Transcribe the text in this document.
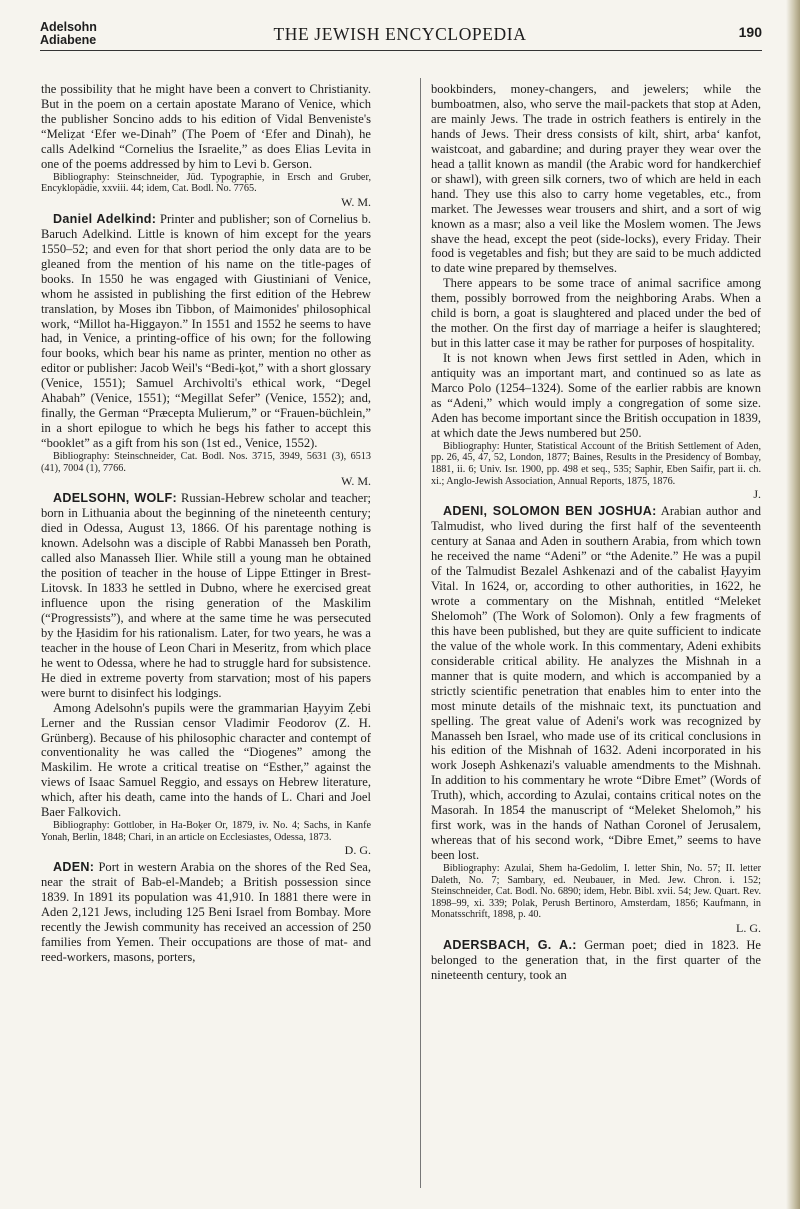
Adelsohn
Adiabene	THE JEWISH ENCYCLOPEDIA	190

the possibility that he might have been a convert to Christianity. But in the poem on a certain apostate Marano of Venice, which the publisher Soncino adds to his edition of Vidal Benveniste's “Meliẓat ‘Efer we-Dinah” (The Poem of ‘Efer and Dinah), he calls Adelkind “Cornelius the Israelite,” as does Elias Levita in one of the poems addressed by him to Levi b. Gerson.

Bibliography: Steinschneider, Jüd. Typographie, in Ersch and Gruber, Encyklopädie, xxviii. 44; idem, Cat. Bodl. No. 7765.

W. M.

Daniel Adelkind: Printer and publisher; son of Cornelius b. Baruch Adelkind. Little is known of him except for the years 1550–52; and even for that short period the only data are to be gleaned from the mention of his name on the title-pages of books. In 1550 he was engaged with Giustiniani of Venice, whom he assisted in publishing the first edition of the Hebrew translation, by Moses ibn Tibbon, of Maimonides' philosophical work, “Millot ha-Higgayon.” In 1551 and 1552 he seems to have had, in Venice, a printing-office of his own; for the following four books, which bear his name as printer, mention no other as editor or publisher: Jacob Weil's “Bedi-ḳot,” with a short glossary (Venice, 1551); Samuel Archivolti's ethical work, “Degel Ahabah” (Venice, 1551); “Megillat Sefer” (Venice, 1552); and, finally, the German “Præcepta Mulierum,” or “Frauen-büchlein,” in a short epilogue to which he begs his father to accept this “booklet” as a gift from his son (1st ed., Venice, 1552).

Bibliography: Steinschneider, Cat. Bodl. Nos. 3715, 3949, 5631 (3), 6513 (41), 7004 (1), 7766.

W. M.

ADELSOHN, WOLF: Russian-Hebrew scholar and teacher; born in Lithuania about the beginning of the nineteenth century; died in Odessa, August 13, 1866. Of his parentage nothing is known. Adelsohn was a disciple of Rabbi Manasseh ben Porath, called also Manasseh Ilier. While still a young man he obtained the position of teacher in the house of Lippe Ettinger in Brest-Litovsk. In 1833 he settled in Dubno, where he exercised great influence upon the rising generation of the Maskilim (“Progressists”), and where at the same time he was persecuted by the Ḥasidim for his rationalism. Later, for two years, he was a teacher in the house of Leon Chari in Meseritz, from which place he went to Odessa, where he had to struggle hard for subsistence. He died in extreme poverty from starvation; most of his papers were burnt to disinfect his lodgings.

Among Adelsohn's pupils were the grammarian Ḥayyim Ẓebi Lerner and the Russian censor Vladimir Feodorov (Z. H. Grünberg). Because of his philosophic character and contempt of conventionality he was called the “Diogenes” among the Maskilim. He wrote a critical treatise on “Esther,” against the views of Isaac Samuel Reggio, and essays on Hebrew literature, which, after his death, came into the hands of L. Chari and Joel Baer Falkovich.

Bibliography: Gottlober, in Ha-Boḳer Or, 1879, iv. No. 4; Sachs, in Kanfe Yonah, Berlin, 1848; Chari, in an article on Ecclesiastes, Odessa, 1873.

D. G.

ADEN: Port in western Arabia on the shores of the Red Sea, near the strait of Bab-el-Mandeb; a British possession since 1839. In 1891 its population was 41,910. In 1881 there were in Aden 2,121 Jews, including 125 Beni Israel from Bombay. More recently the Jewish community has received an accession of 250 families from Yemen. Their occupations are those of mat- and reed-workers, masons, porters,

bookbinders, money-changers, and jewelers; while the bumboatmen, also, who serve the mail-packets that stop at Aden, are mainly Jews. The trade in ostrich feathers is entirely in the hands of Jews. Their dress consists of kilt, shirt, arba‘ kanfot, waistcoat, and gabardine; and during prayer they wear over the head a ṭallit known as mandil (the Arabic word for handkerchief or shawl), with green silk corners, two of which are held in each hand. They use this also to carry home vegetables, etc., from market. The Jewesses wear trousers and shirt, and a sort of wig known as a masr; also a veil like the Moslem women. The Jews shave the head, except the peot (side-locks), every Friday. Their food is vegetables and fish; but they are said to be much addicted to date wine prepared by themselves.

There appears to be some trace of animal sacrifice among them, possibly borrowed from the neighboring Arabs. When a child is born, a goat is slaughtered and placed under the bed of the mother. On the first day of marriage a heifer is slaughtered; but in this latter case it may be rather for purposes of hospitality.

It is not known when Jews first settled in Aden, which in antiquity was an important mart, and continued so as late as Marco Polo (1254–1324). Some of the earlier rabbis are known as “Adeni,” which would imply a congregation of some size. Aden has become important since the British occupation in 1839, at which date the Jews numbered but 250.

Bibliography: Hunter, Statistical Account of the British Settlement of Aden, pp. 26, 45, 47, 52, London, 1877; Baines, Results in the Presidency of Bombay, 1881, ii. 6; Univ. Isr. 1900, pp. 498 et seq., 535; Saphir, Eben Saifir, part ii. ch. xi.; Anglo-Jewish Association, Annual Reports, 1875, 1876.

J.

ADENI, SOLOMON BEN JOSHUA: Arabian author and Talmudist, who lived during the first half of the seventeenth century at Sanaa and Aden in southern Arabia, from which town he received the name “Adeni” or “the Adenite.” He was a pupil of the Talmudist Bezalel Ashkenazi and of the cabalist Ḥayyim Vital. In 1624, or, according to other authorities, in 1622, he wrote a commentary on the Mishnah, entitled “Meleket Shelomoh” (The Work of Solomon). Only a few fragments of this have been published, but they are quite sufficient to indicate the value of the whole work. In this commentary, Adeni exhibits considerable critical ability. He analyzes the Mishnah in a manner that is quite modern, and which is accompanied by a strictly scientific penetration that enables him to enter into the most minute details of the mishnaic text, its punctuation and spelling. The great value of Adeni's work was recognized by Manasseh ben Israel, who made use of its critical conclusions in his edition of the Mishnah of 1632. Adeni incorporated in his work Joseph Ashkenazi's valuable amendments to the Mishnah. In addition to his commentary he wrote “Dibre Emet” (Words of Truth), which, according to Azulai, contains critical notes on the Masorah. In 1854 the manuscript of “Meleket Shelomoh,” his first work, was in the hands of Nathan Coronel of Jerusalem, whereas that of his second work, “Dibre Emet,” seems to have been lost.

Bibliography: Azulai, Shem ha-Gedolim, I. letter Shin, No. 57; II. letter Daleth, No. 7; Sambary, ed. Neubauer, in Med. Jew. Chron. i. 152; Steinschneider, Cat. Bodl. No. 6890; idem, Hebr. Bibl. xvii. 54; Jew. Quart. Rev. 1898–99, xi. 339; Polak, Perush Bertinoro, Amsterdam, 1856; Kaufmann, in Monatsschrift, 1898, p. 40.

L. G.

ADERSBACH, G. A.: German poet; died in 1823. He belonged to the generation that, in the first quarter of the nineteenth century, took an
